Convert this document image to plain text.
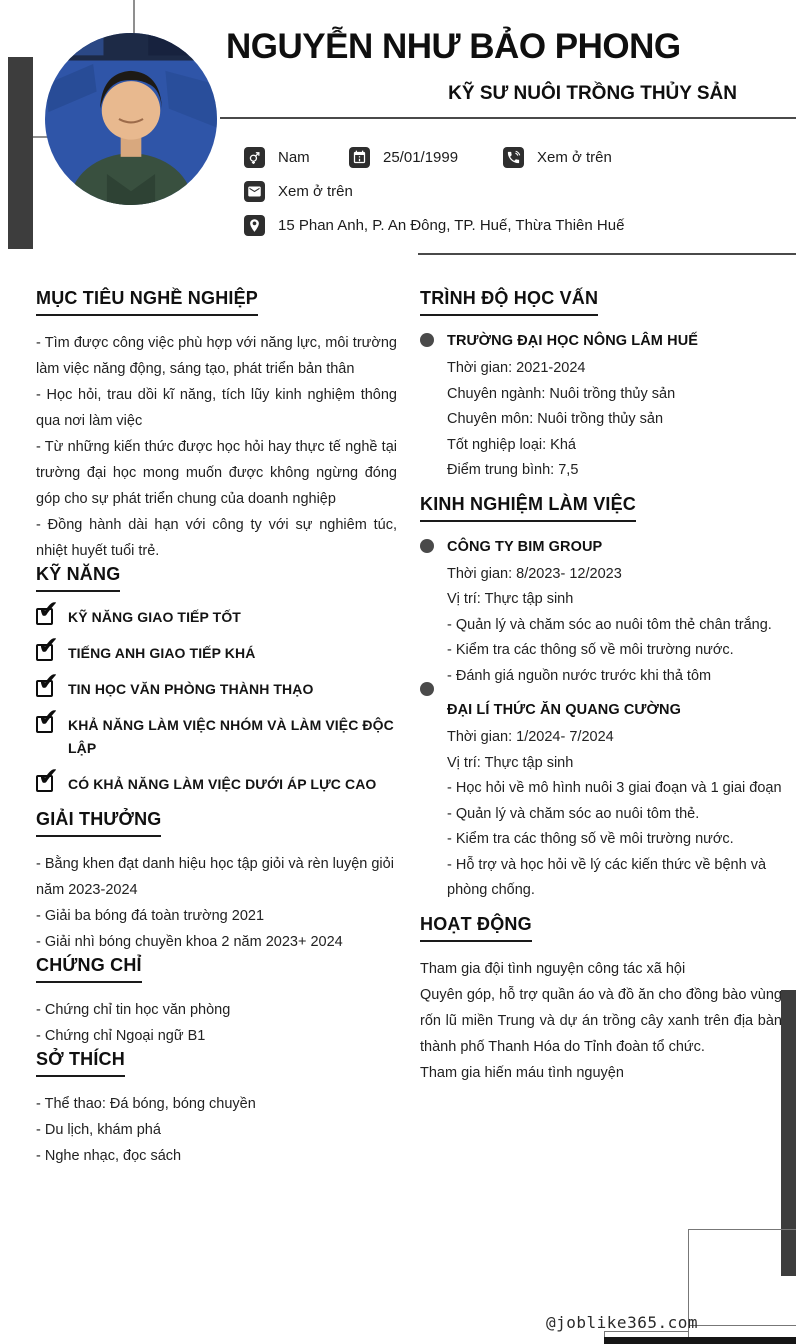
NGUYỄN NHƯ BẢO PHONG
KỸ SƯ NUÔI TRỒNG THỦY SẢN
Nam	25/01/1999	Xem ở trên
Xem ở trên
15 Phan Anh, P. An Đông, TP. Huế, Thừa Thiên Huế
MỤC TIÊU NGHỀ NGHIỆP

- Tìm được công việc phù hợp với năng lực, môi trường làm việc năng động, sáng tạo, phát triển bản thân

- Học hỏi, trau dồi kĩ năng, tích lũy kinh nghiệm thông qua nơi làm việc

- Từ những kiến thức được học hỏi hay thực tế nghề tại trường đại học mong muốn được không ngừng đóng góp cho sự phát triển chung của doanh nghiệp

- Đồng hành dài hạn với công ty với sự nghiêm túc, nhiệt huyết tuổi trẻ.

KỸ NĂNG
✔ KỸ NĂNG GIAO TIẾP TỐT
✔ TIẾNG ANH GIAO TIẾP KHÁ
✔ TIN HỌC VĂN PHÒNG THÀNH THẠO
✔ KHẢ NĂNG LÀM VIỆC NHÓM VÀ LÀM VIỆC ĐỘC LẬP
✔ CÓ KHẢ NĂNG LÀM VIỆC DƯỚI ÁP LỰC CAO
GIẢI THƯỞNG
- Bằng khen đạt danh hiệu học tập giỏi và rèn luyện giỏi năm 2023-2024
- Giải ba bóng đá toàn trường 2021
- Giải nhì bóng chuyền khoa 2 năm 2023+ 2024
CHỨNG CHỈ
- Chứng chỉ tin học văn phòng
- Chứng chỉ Ngoại ngữ B1
SỞ THÍCH
- Thể thao: Đá bóng, bóng chuyền
- Du lịch, khám phá
- Nghe nhạc, đọc sách
TRÌNH ĐỘ HỌC VẤN
TRƯỜNG ĐẠI HỌC NÔNG LÂM HUẾ
Thời gian: 2021-2024
Chuyên ngành: Nuôi trồng thủy sản
Chuyên môn: Nuôi trồng thủy sản
Tốt nghiệp loại: Khá
Điểm trung bình: 7,5
KINH NGHIỆM LÀM VIỆC
CÔNG TY BIM GROUP
Thời gian: 8/2023- 12/2023
Vị trí: Thực tập sinh
- Quản lý và chăm sóc ao nuôi tôm thẻ chân trắng.
- Kiểm tra các thông số về môi trường nước.
- Đánh giá nguồn nước trước khi thả tôm
ĐẠI LÍ THỨC ĂN QUANG CƯỜNG
Thời gian: 1/2024- 7/2024
Vị trí: Thực tập sinh
- Học hỏi về mô hình nuôi 3 giai đoạn và 1 giai đoạn
- Quản lý và chăm sóc ao nuôi tôm thẻ.
- Kiểm tra các thông số về môi trường nước.
- Hỗ trợ và học hỏi về lý các kiến thức về bệnh và phòng chống.
HOẠT ĐỘNG

Tham gia đội tình nguyện công tác xã hội

Quyên góp, hỗ trợ quần áo và đồ ăn cho đồng bào vùng rốn lũ miền Trung và dự án trồng cây xanh trên địa bàn thành phố Thanh Hóa do Tỉnh đoàn tổ chức.

Tham gia hiến máu tình nguyện

@joblike365.com
